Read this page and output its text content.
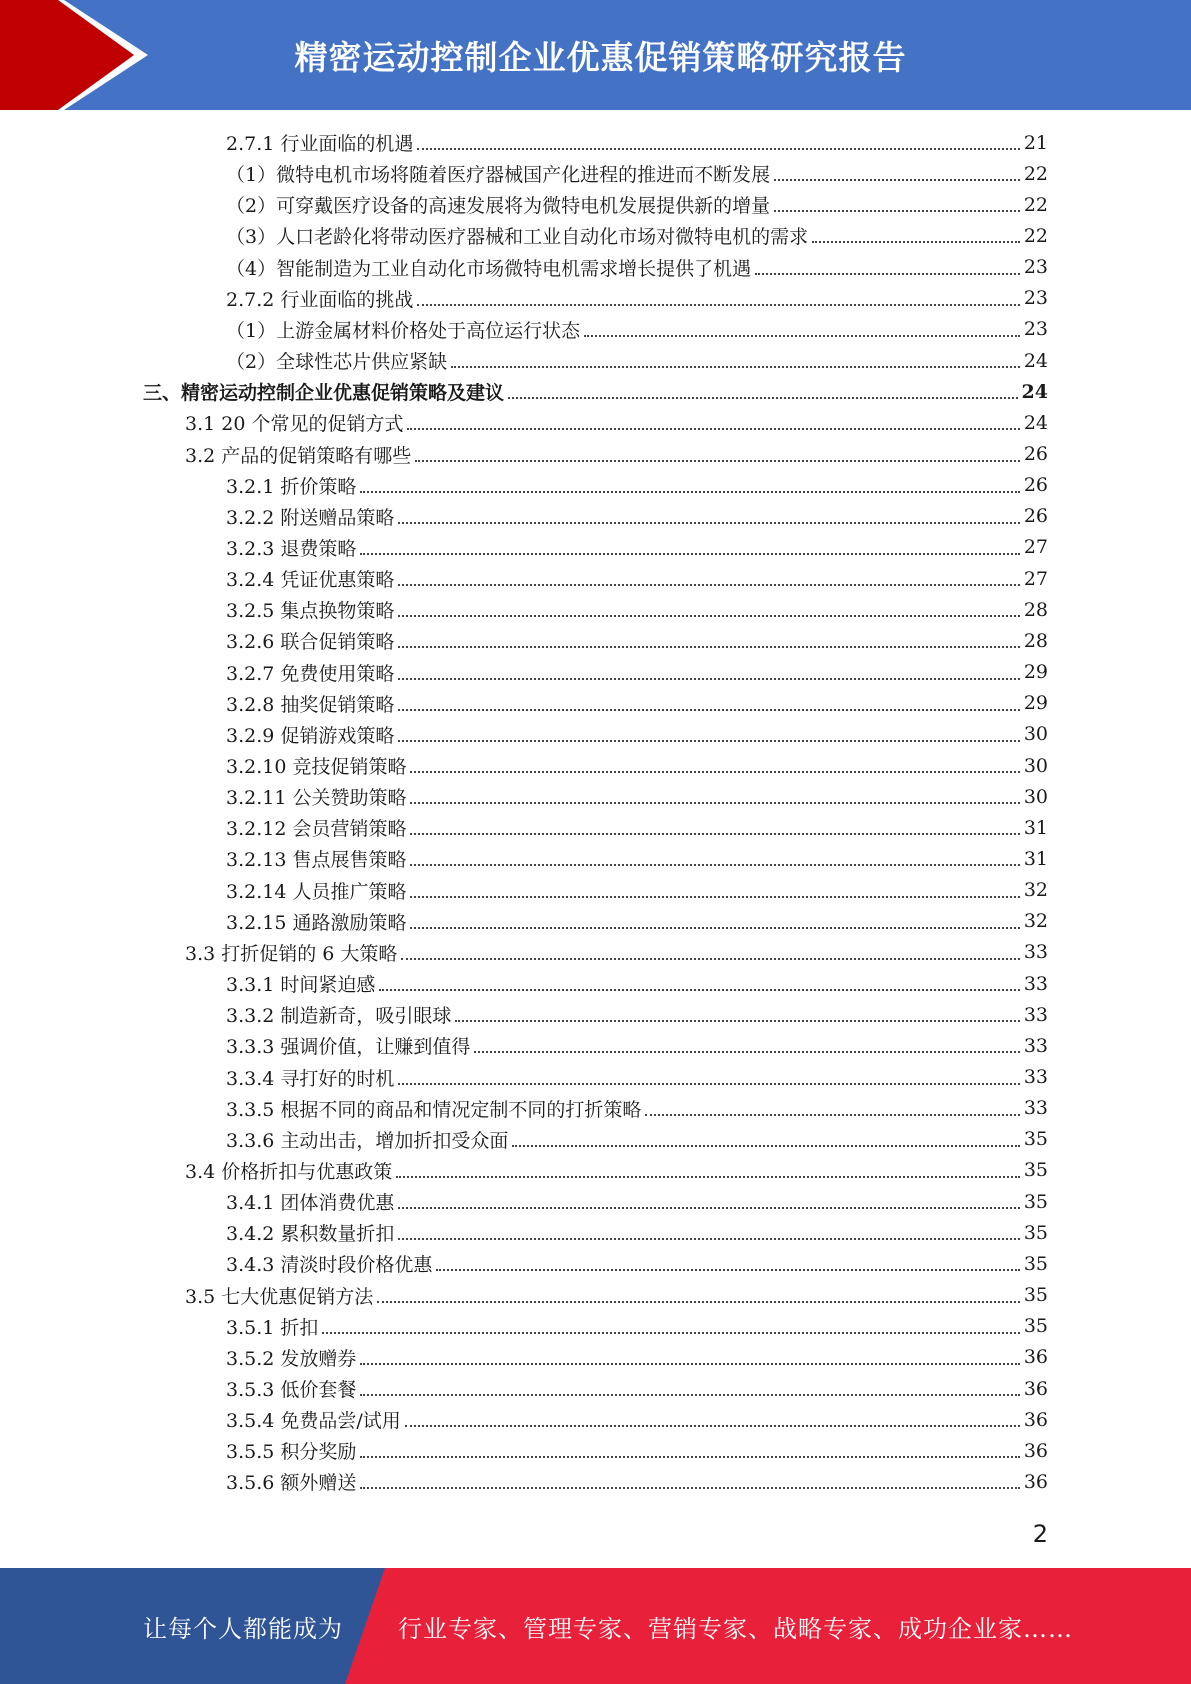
精密运动控制企业优惠促销策略研究报告
2.7.1 行业面临的机遇	21
（1）微特电机市场将随着医疗器械国产化进程的推进而不断发展	22
（2）可穿戴医疗设备的高速发展将为微特电机发展提供新的增量	22
（3）人口老龄化将带动医疗器械和工业自动化市场对微特电机的需求	22
（4）智能制造为工业自动化市场微特电机需求增长提供了机遇	23
2.7.2 行业面临的挑战	23
（1）上游金属材料价格处于高位运行状态	23
（2）全球性芯片供应紧缺	24
三、精密运动控制企业优惠促销策略及建议	24
3.1 20 个常见的促销方式	24
3.2 产品的促销策略有哪些	26
3.2.1 折价策略	26
3.2.2 附送赠品策略	26
3.2.3 退费策略	27
3.2.4 凭证优惠策略	27
3.2.5 集点换物策略	28
3.2.6 联合促销策略	28
3.2.7 免费使用策略	29
3.2.8 抽奖促销策略	29
3.2.9 促销游戏策略	30
3.2.10 竞技促销策略	30
3.2.11 公关赞助策略	30
3.2.12 会员营销策略	31
3.2.13 售点展售策略	31
3.2.14 人员推广策略	32
3.2.15 通路激励策略	32
3.3 打折促销的 6 大策略	33
3.3.1 时间紧迫感	33
3.3.2 制造新奇，吸引眼球	33
3.3.3 强调价值，让赚到值得	33
3.3.4 寻打好的时机	33
3.3.5 根据不同的商品和情况定制不同的打折策略	33
3.3.6 主动出击，增加折扣受众面	35
3.4 价格折扣与优惠政策	35
3.4.1 团体消费优惠	35
3.4.2 累积数量折扣	35
3.4.3 清淡时段价格优惠	35
3.5 七大优惠促销方法	35
3.5.1 折扣	35
3.5.2 发放赠券	36
3.5.3 低价套餐	36
3.5.4 免费品尝/试用	36
3.5.5 积分奖励	36
3.5.6 额外赠送	36
2
让每个人都能成为 行业专家、管理专家、营销专家、战略专家、成功企业家……
